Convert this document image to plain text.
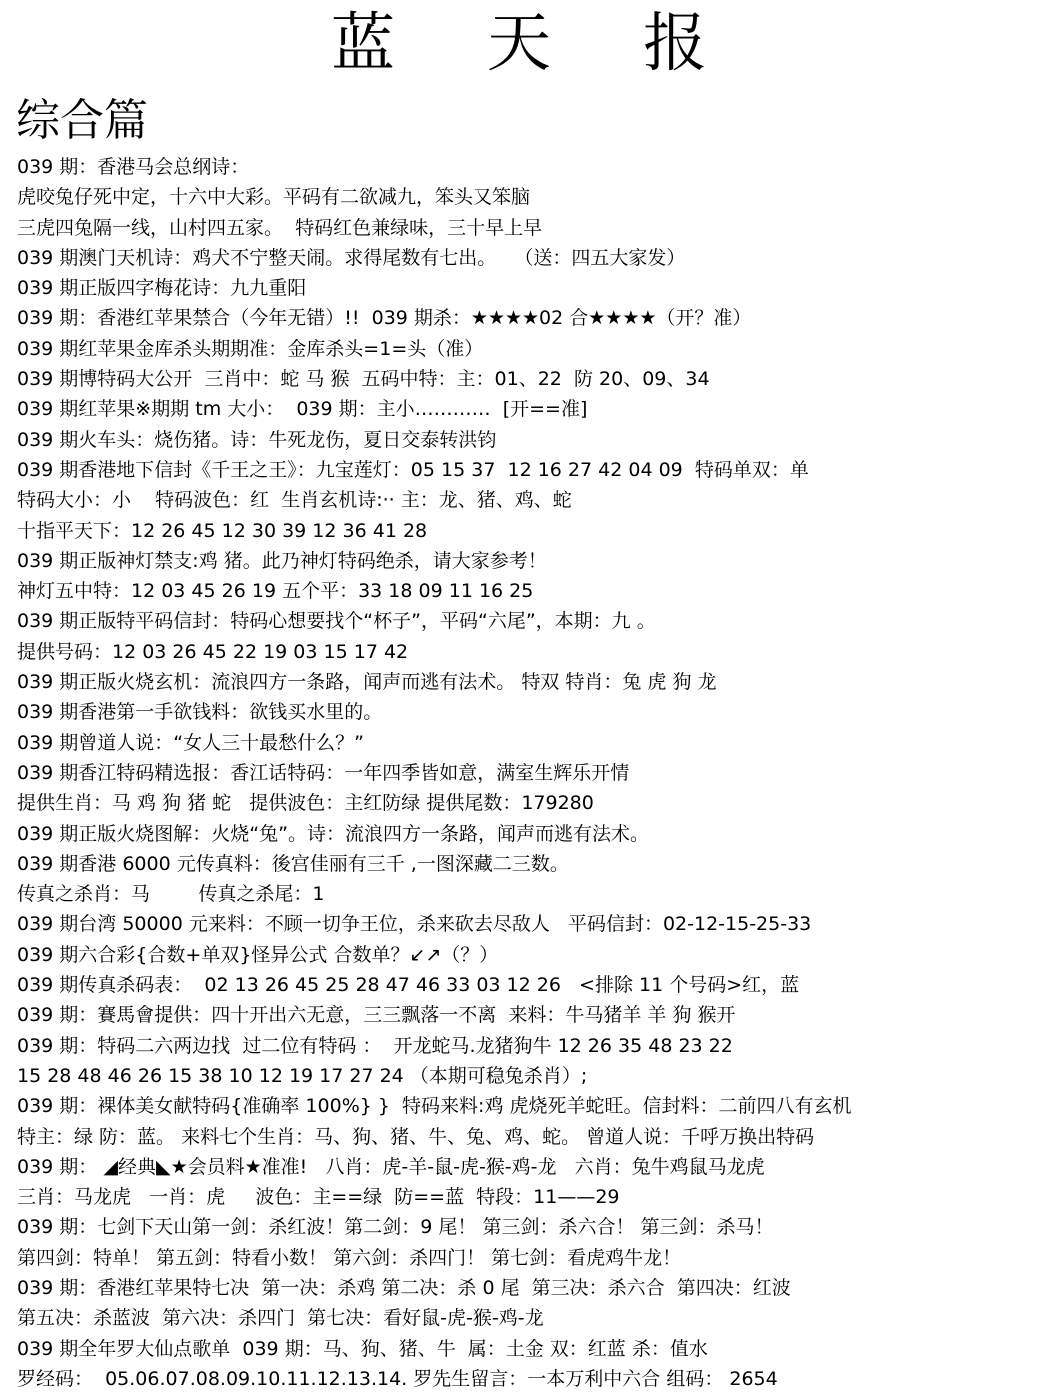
蓝天报
综合篇
039 期：香港马会总纲诗：
虎咬兔仔死中定，十六中大彩。平码有二欲减九，笨头又笨脑
三虎四兔隔一线，山村四五家。  特码红色兼绿味，三十早上早
039 期澳门天机诗：鸡犬不宁整天闹。求得尾数有七出。   （送：四五大家发）
039 期正版四字梅花诗：九九重阳
039 期：香港红苹果禁合（今年无错）!!  039 期杀：★★★★02 合★★★★（开？准）
039 期红苹果金库杀头期期准：金库杀头=1=头（准）
039 期博特码大公开  三肖中：蛇 马 猴  五码中特：主：01、22  防 20、09、34
039 期红苹果※期期 tm 大小：  039 期：主小…………  [开==准]
039 期火车头：烧伤猪。诗：牛死龙伤，夏日交泰转洪钧
039 期香港地下信封《千王之王》：九宝莲灯：05 15 37  12 16 27 42 04 09  特码单双：单
特码大小：小    特码波色：红  生肖玄机诗:·· 主：龙、猪、鸡、蛇
十指平天下：12 26 45 12 30 39 12 36 41 28
039 期正版神灯禁支:鸡 猪。此乃神灯特码绝杀，请大家参考！
神灯五中特：12 03 45 26 19 五个平：33 18 09 11 16 25
039 期正版特平码信封：特码心想要找个“杯子”，平码“六尾”，本期：九 。
提供号码：12 03 26 45 22 19 03 15 17 42
039 期正版火烧玄机：流浪四方一条路，闻声而逃有法术。 特双 特肖：兔 虎 狗 龙
039 期香港第一手欲钱料：欲钱买水里的。
039 期曾道人说：“女人三十最愁什么？”
039 期香江特码精选报：香江话特码：一年四季皆如意，满室生辉乐开情
提供生肖：马 鸡 狗 猪 蛇   提供波色：主红防绿 提供尾数：179280
039 期正版火烧图解：火烧“兔”。诗：流浪四方一条路，闻声而逃有法术。
039 期香港 6000 元传真料：後宫佳丽有三千 ,一图深藏二三数。
传真之杀肖：马        传真之杀尾：1
039 期台湾 50000 元来料：不顾一切争王位，杀来砍去尽敌人   平码信封：02-12-15-25-33
039 期六合彩{合数+单双}怪异公式 合数单？↙↗（？）
039 期传真杀码表：  02 13 26 45 25 28 47 46 33 03 12 26   <排除 11 个号码>红，蓝
039 期：賽馬會提供：四十开出六无意，三三飘落一不离  来料：牛马猪羊 羊 狗 猴开
039 期：特码二六两边找  过二位有特码 ：  开龙蛇马.龙猪狗牛 12 26 35 48 23 22
15 28 48 46 26 15 38 10 12 19 17 27 24 （本期可稳兔杀肖）;
039 期：裸体美女献特码{准确率 100%} }  特码来料:鸡 虎烧死羊蛇旺。信封料：二前四八有玄机
特主：绿 防：蓝。 来料七个生肖：马、狗、猪、牛、兔、鸡、蛇。 曾道人说：千呼万换出特码
039 期： ◢经典◣★会员料★准准!   八肖：虎-羊-鼠-虎-猴-鸡-龙   六肖：兔牛鸡鼠马龙虎
三肖：马龙虎   一肖：虎     波色：主==绿  防==蓝  特段：11——29
039 期：七剑下天山第一剑：杀红波！第二剑：9 尾！ 第三剑：杀六合！ 第三剑：杀马！
第四剑：特单！ 第五剑：特看小数！ 第六剑：杀四门！ 第七剑：看虎鸡牛龙！
039 期：香港红苹果特七决  第一决：杀鸡 第二决：杀 0 尾  第三决：杀六合  第四决：红波
第五决：杀蓝波  第六决：杀四门  第七决：看好鼠-虎-猴-鸡-龙
039 期全年罗大仙点歌单  039 期：马、狗、猪、牛  属：土金 双：红蓝 杀：值水
罗经码：  05.06.07.08.09.10.11.12.13.14. 罗先生留言：一本万利中六合 组码： 2654
